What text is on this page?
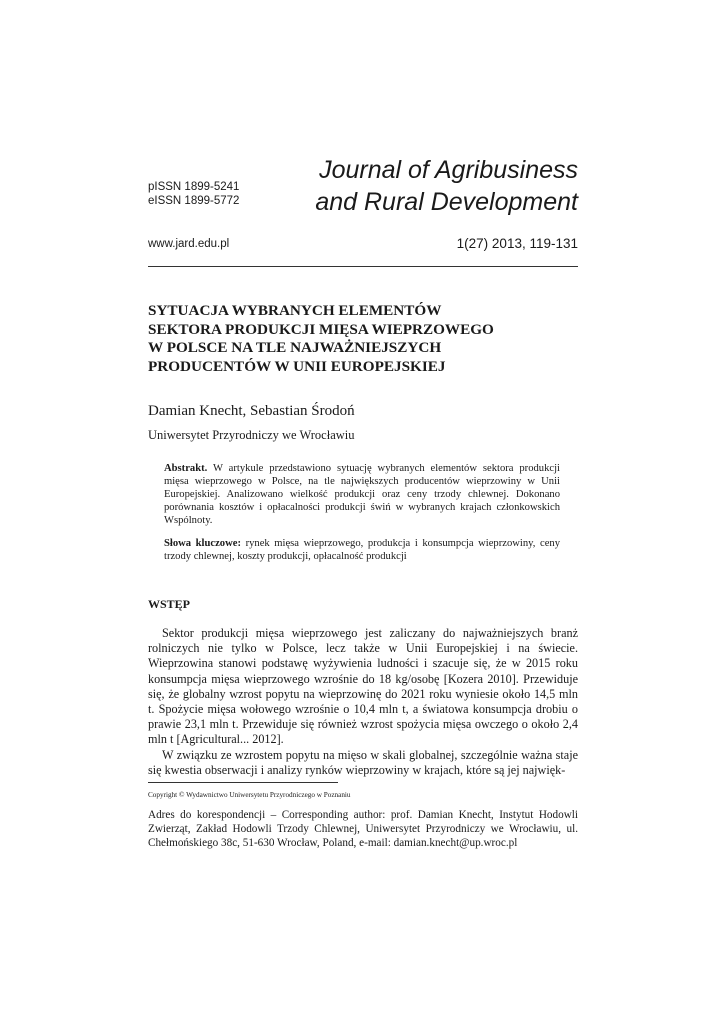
pISSN 1899-5241
eISSN 1899-5772
Journal of Agribusiness
and Rural Development
www.jard.edu.pl	1(27) 2013, 119-131
SYTUACJA WYBRANYCH ELEMENTÓW
SEKTORA PRODUKCJI MIĘSA WIEPRZOWEGO
W POLSCE NA TLE NAJWAŻNIEJSZYCH
PRODUCENTÓW W UNII EUROPEJSKIEJ
Damian Knecht, Sebastian Środoń
Uniwersytet Przyrodniczy we Wrocławiu
Abstrakt. W artykule przedstawiono sytuację wybranych elementów sektora produkcji mięsa wieprzowego w Polsce, na tle największych producentów wieprzowiny w Unii Europejskiej. Analizowano wielkość produkcji oraz ceny trzody chlewnej. Dokonano porównania kosztów i opłacalności produkcji świń w wybranych krajach członkowskich Wspólnoty.
Słowa kluczowe: rynek mięsa wieprzowego, produkcja i konsumpcja wieprzowiny, ceny trzody chlewnej, koszty produkcji, opłacalność produkcji
WSTĘP

Sektor produkcji mięsa wieprzowego jest zaliczany do najważniejszych branż rolniczych nie tylko w Polsce, lecz także w Unii Europejskiej i na świecie. Wieprzowina stanowi podstawę wyżywienia ludności i szacuje się, że w 2015 roku konsumpcja mięsa wieprzowego wzrośnie do 18 kg/osobę [Kozera 2010]. Przewiduje się, że globalny wzrost popytu na wieprzowinę do 2021 roku wyniesie około 14,5 mln t. Spożycie mięsa wołowego wzrośnie o 10,4 mln t, a światowa konsumpcja drobiu o prawie 23,1 mln t. Przewiduje się również wzrost spożycia mięsa owczego o około 2,4 mln t [Agricultural... 2012].

W związku ze wzrostem popytu na mięso w skali globalnej, szczególnie ważna staje się kwestia obserwacji i analizy rynków wieprzowiny w krajach, które są jej najwięk-

Copyright © Wydawnictwo Uniwersytetu Przyrodniczego w Poznaniu
Adres do korespondencji – Corresponding author: prof. Damian Knecht, Instytut Hodowli Zwierząt, Zakład Hodowli Trzody Chlewnej, Uniwersytet Przyrodniczy we Wrocławiu, ul. Chełmońskiego 38c, 51-630 Wrocław, Poland, e-mail: damian.knecht@up.wroc.pl
